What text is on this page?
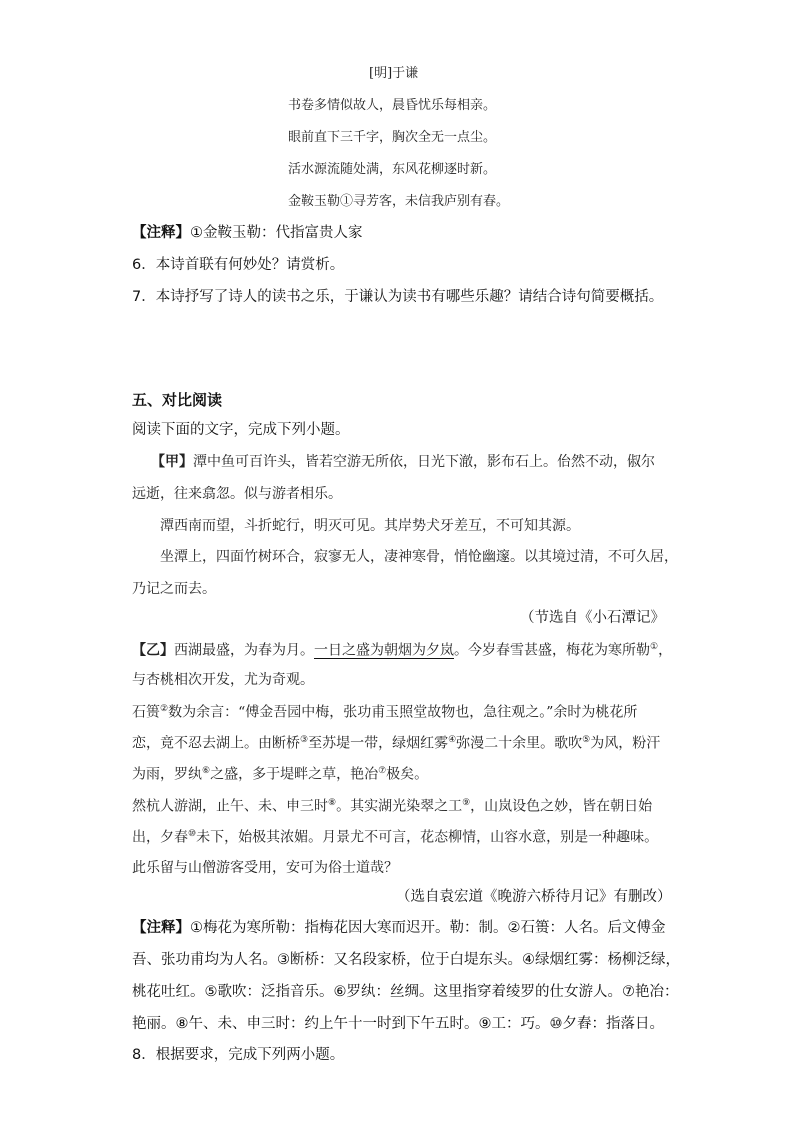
[明]于谦
书卷多情似故人，晨昏忧乐每相亲。
眼前直下三千字，胸次全无一点尘。
活水源流随处满，东风花柳逐时新。
金鞍玉勒①寻芳客，未信我庐别有春。
【注释】①金鞍玉勒：代指富贵人家
6．本诗首联有何妙处？请赏析。
7．本诗抒写了诗人的读书之乐，于谦认为读书有哪些乐趣？请结合诗句简要概括。
五、对比阅读
阅读下面的文字，完成下列小题。
【甲】潭中鱼可百许头，皆若空游无所依，日光下澈，影布石上。佁然不动，俶尔
远逝，往来翕忽。似与游者相乐。
潭西南而望，斗折蛇行，明灭可见。其岸势犬牙差互，不可知其源。
坐潭上，四面竹树环合，寂寥无人，凄神寒骨，悄怆幽邃。以其境过清，不可久居，
乃记之而去。
（节选自《小石潭记》
【乙】西湖最盛，为春为月。一日之盛为朝烟为夕岚。今岁春雪甚盛，梅花为寒所勒①，
与杏桃相次开发，尤为奇观。
石篑②数为余言：“傅金吾园中梅，张功甫玉照堂故物也，急往观之。”余时为桃花所
恋，竟不忍去湖上。由断桥③至苏堤一带，绿烟红雾④弥漫二十余里。歌吹⑤为风，粉汗
为雨，罗纨⑥之盛，多于堤畔之草，艳冶⑦极矣。
然杭人游湖，止午、未、申三时⑧。其实湖光染翠之工⑨，山岚设色之妙，皆在朝日始
出，夕春⑩未下，始极其浓媚。月景尤不可言，花态柳情，山容水意，别是一种趣味。
此乐留与山僧游客受用，安可为俗士道哉？
（选自袁宏道《晚游六桥待月记》有删改）
【注释】①梅花为寒所勒：指梅花因大寒而迟开。勒：制。②石篑：人名。后文傅金
吾、张功甫均为人名。③断桥：又名段家桥，位于白堤东头。④绿烟红雾：杨柳泛绿，
桃花吐红。⑤歌吹：泛指音乐。⑥罗纨：丝绸。这里指穿着绫罗的仕女游人。⑦艳冶：
艳丽。⑧午、未、申三时：约上午十一时到下午五时。⑨工：巧。⑩夕舂：指落日。
8．根据要求，完成下列两小题。
